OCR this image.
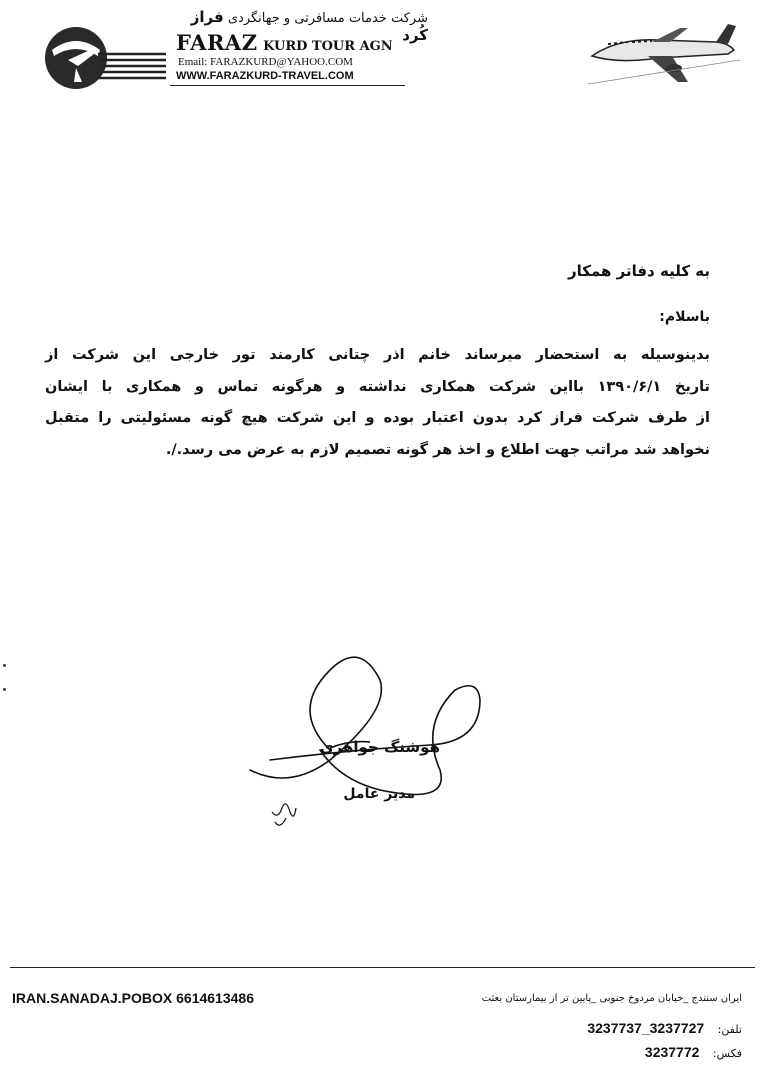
شرکت خدمات مسافرتی و جهانگردی فراز کُرد
FARAZ KURD TOUR AGN
Email: FARAZKURD@YAHOO.COM
WWW.FARAZKURD-TRAVEL.COM
به کلیه دفاتر همکار
باسلام:
بدینوسیله به استحضار میرساند خانم اذر چتانی کارمند تور خارجی این شرکت از
تاریخ ۱۳۹۰/۶/۱ بااین شرکت همکاری نداشته و هرگونه تماس و همکاری با ایشان
از طرف شرکت فراز کرد بدون اعتبار بوده و این شرکت هیچ گونه مسئولیتی را متقبل
نخواهد شد مراتب جهت اطلاع و اخذ هر گونه تصمیم لازم به عرض می رسد./.
هوشنگ جواهری
مدیر عامل
IRAN.SANADAJ.POBOX 6614613486	ایران سنندج _خیابان مردوخ جنوبی _پایین تر از بیمارستان بعثت
تلفن: 3237737_3237727
فکس: 3237772
